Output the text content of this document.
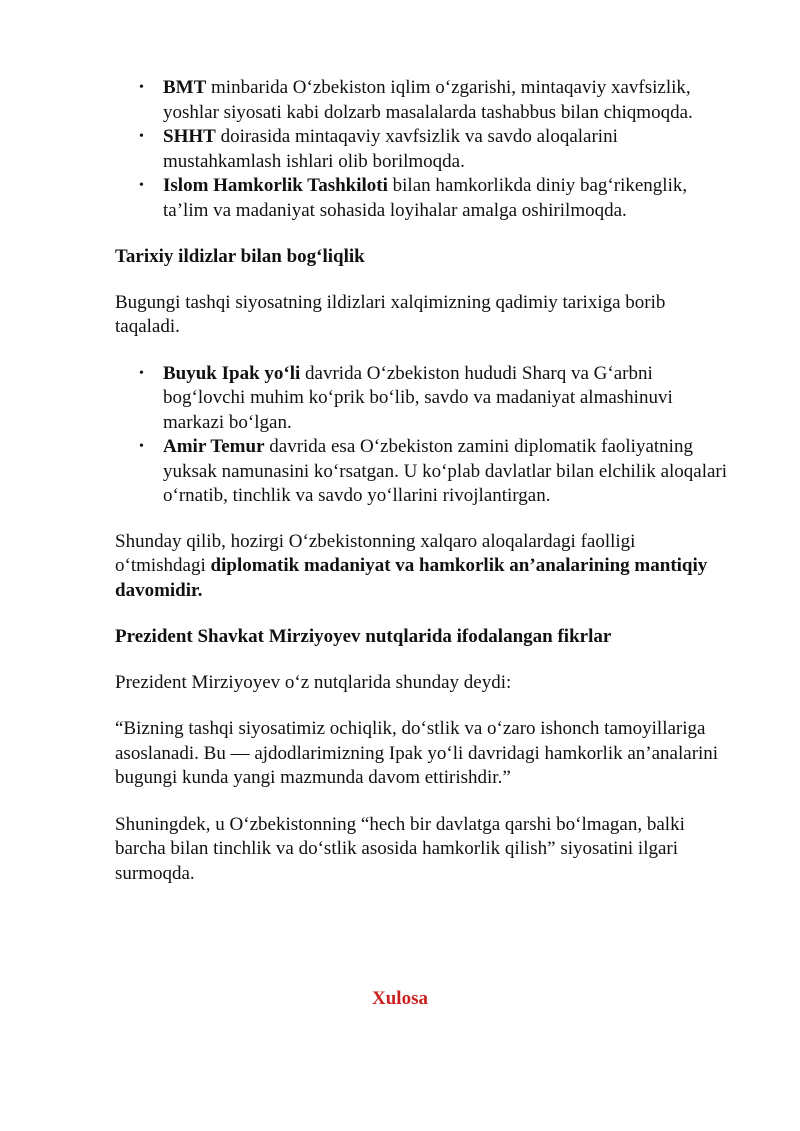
• BMT minbarida O‘zbekiston iqlim o‘zgarishi, mintaqaviy xavfsizlik, yoshlar siyosati kabi dolzarb masalalarda tashabbus bilan chiqmoqda.
• SHHT doirasida mintaqaviy xavfsizlik va savdo aloqalarini mustahkamlash ishlari olib borilmoqda.
• Islom Hamkorlik Tashkiloti bilan hamkorlikda diniy bag‘rikenglik, ta’lim va madaniyat sohasida loyihalar amalga oshirilmoqda.

Tarixiy ildizlar bilan bog‘liqlik

Bugungi tashqi siyosatning ildizlari xalqimizning qadimiy tarixiga borib taqaladi.

• Buyuk Ipak yo‘li davrida O‘zbekiston hududi Sharq va G‘arbni bog‘lovchi muhim ko‘prik bo‘lib, savdo va madaniyat almashinuvi markazi bo‘lgan.
• Amir Temur davrida esa O‘zbekiston zamini diplomatik faoliyatning yuksak namunasini ko‘rsatgan. U ko‘plab davlatlar bilan elchilik aloqalari o‘rnatib, tinchlik va savdo yo‘llarini rivojlantirgan.

Shunday qilib, hozirgi O‘zbekistonning xalqaro aloqalardagi faolligi o‘tmishdagi diplomatik madaniyat va hamkorlik an’analarining mantiqiy davomidir.

Prezident Shavkat Mirziyoyev nutqlarida ifodalangan fikrlar

Prezident Mirziyoyev o‘z nutqlarida shunday deydi:

“Bizning tashqi siyosatimiz ochiqlik, do‘stlik va o‘zaro ishonch tamoyillariga asoslanadi. Bu — ajdodlarimizning Ipak yo‘li davridagi hamkorlik an’analarini bugungi kunda yangi mazmunda davom ettirishdir.”

Shuningdek, u O‘zbekistonning “hech bir davlatga qarshi bo‘lmagan, balki barcha bilan tinchlik va do‘stlik asosida hamkorlik qilish” siyosatini ilgari surmoqda.

Xulosa
